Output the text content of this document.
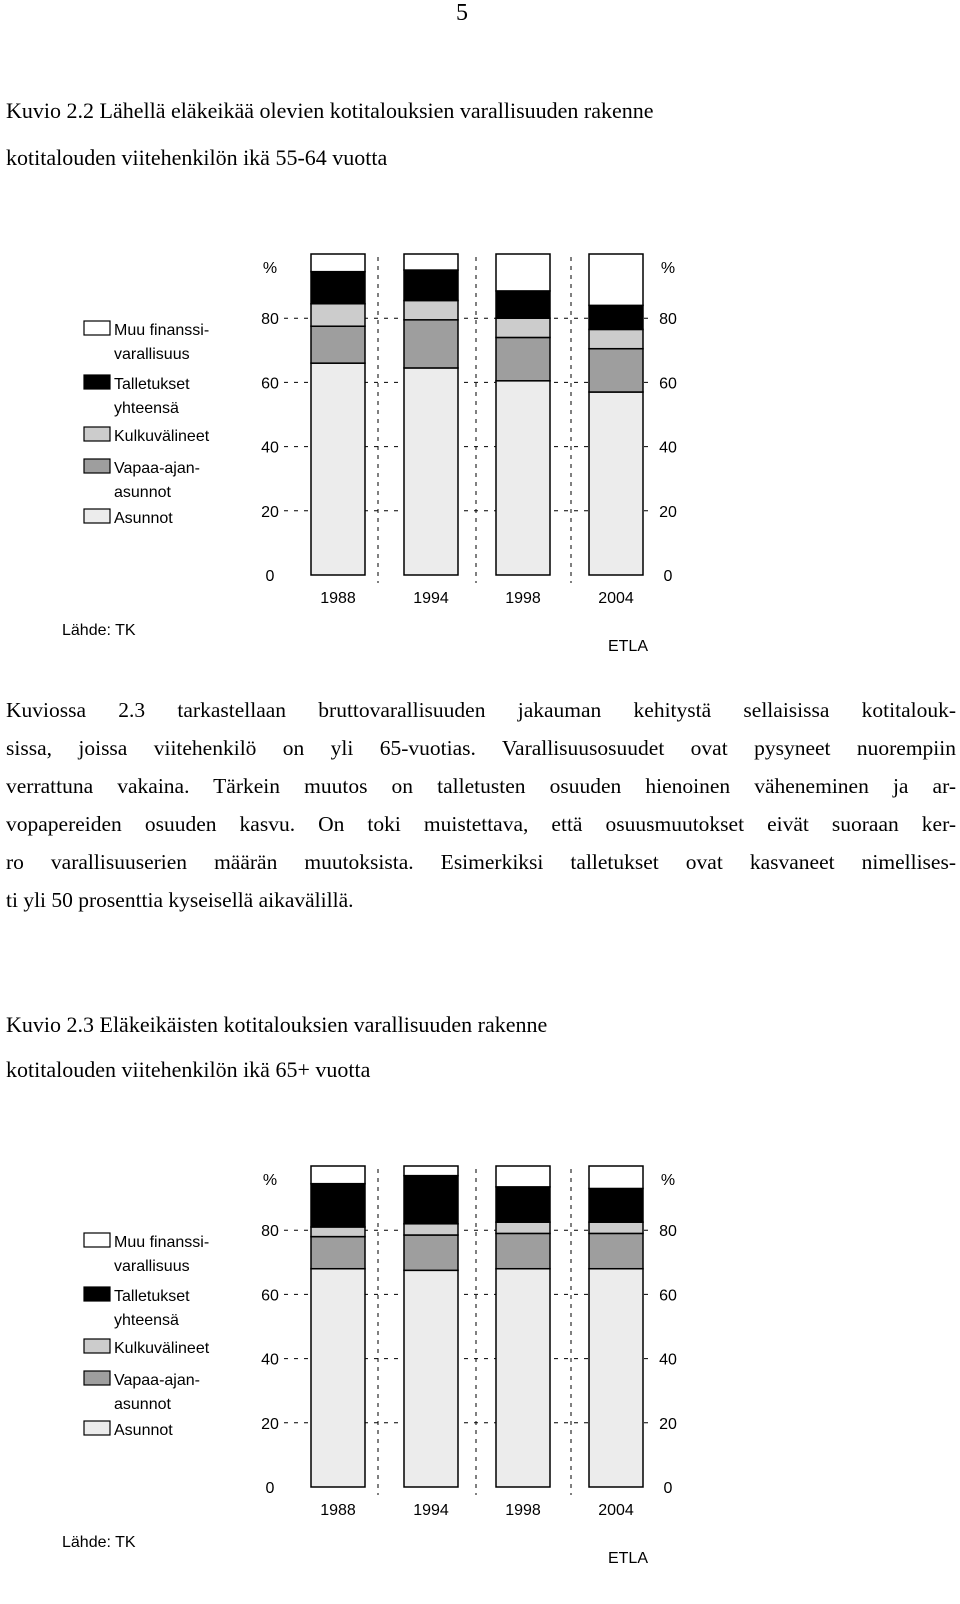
5
Kuvio 2.2 Lähellä eläkeikää olevien kotitalouksien varallisuuden rakenne

kotitalouden viitehenkilön ikä 55-64 vuotta

1988	1994	1998	2004
0	0
20	20
40	40
60	60
80	80
%	%
Muu finanssi-
varallisuus
Talletukset
yhteensä
Kulkuvälineet
Vapaa-ajan-
asunnot
Asunnot
Lähde: TK
ETLA
Kuviossa 2.3 tarkastellaan bruttovarallisuuden jakauman kehitystä sellaisissa kotitalouk-
sissa, joissa viitehenkilö on yli 65-vuotias. Varallisuusosuudet ovat pysyneet nuorempiin
verrattuna vakaina. Tärkein muutos on talletusten osuuden hienoinen väheneminen ja ar-
vopapereiden osuuden kasvu. On toki muistettava, että osuusmuutokset eivät suoraan ker-
ro varallisuuserien määrän muutoksista. Esimerkiksi talletukset ovat kasvaneet nimellises-
ti yli 50 prosenttia kyseisellä aikavälillä.
Kuvio 2.3 Eläkeikäisten kotitalouksien varallisuuden rakenne

kotitalouden viitehenkilön ikä 65+ vuotta

1988	1994	1998	2004
0	0
20	20
40	40
60	60
80	80
%	%
Muu finanssi-
varallisuus
Talletukset
yhteensä
Kulkuvälineet
Vapaa-ajan-
asunnot
Asunnot
Lähde: TK
ETLA
